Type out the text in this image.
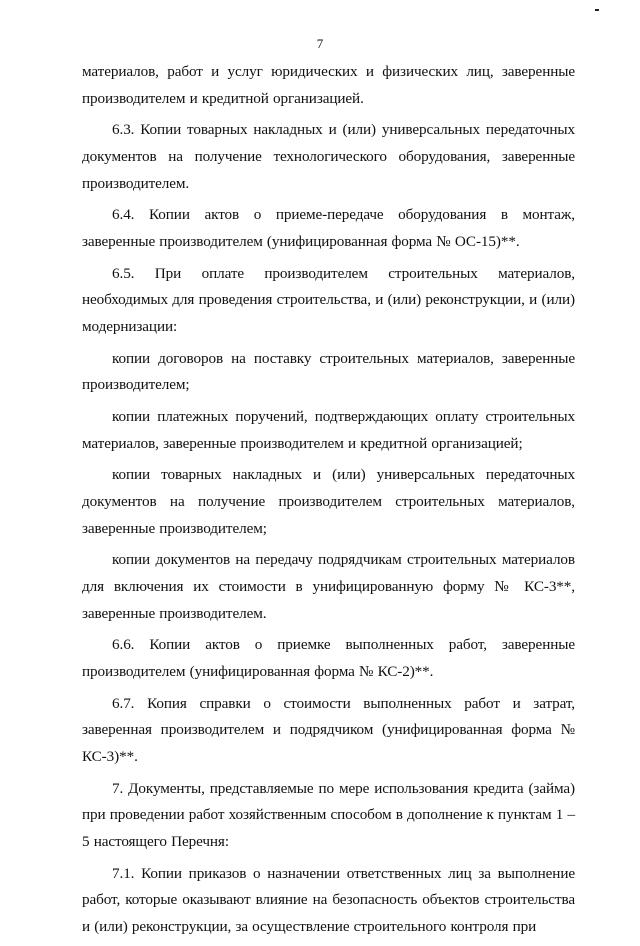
7

материалов, работ и услуг юридических и физических лиц, заверенные производителем и кредитной организацией.

6.3. Копии товарных накладных и (или) универсальных передаточных документов на получение технологического оборудования, заверенные производителем.

6.4. Копии актов о приеме-передаче оборудования в монтаж, заверенные производителем (унифицированная форма № ОС-15)**.

6.5. При оплате производителем строительных материалов, необходимых для проведения строительства, и (или) реконструкции, и (или) модернизации:

копии договоров на поставку строительных материалов, заверенные производителем;

копии платежных поручений, подтверждающих оплату строительных материалов, заверенные производителем и кредитной организацией;

копии товарных накладных и (или) универсальных передаточных документов на получение производителем строительных материалов, заверенные производителем;

копии документов на передачу подрядчикам строительных материалов для включения их стоимости в унифицированную форму № КС-3**, заверенные производителем.

6.6. Копии актов о приемке выполненных работ, заверенные производителем (унифицированная форма № КС-2)**.

6.7. Копия справки о стоимости выполненных работ и затрат, заверенная производителем и подрядчиком (унифицированная форма № КС-3)**.

7. Документы, представляемые по мере использования кредита (займа) при проведении работ хозяйственным способом в дополнение к пунктам 1 – 5 настоящего Перечня:

7.1. Копии приказов о назначении ответственных лиц за выполнение работ, которые оказывают влияние на безопасность объектов строительства и (или) реконструкции, за осуществление строительного контроля при
